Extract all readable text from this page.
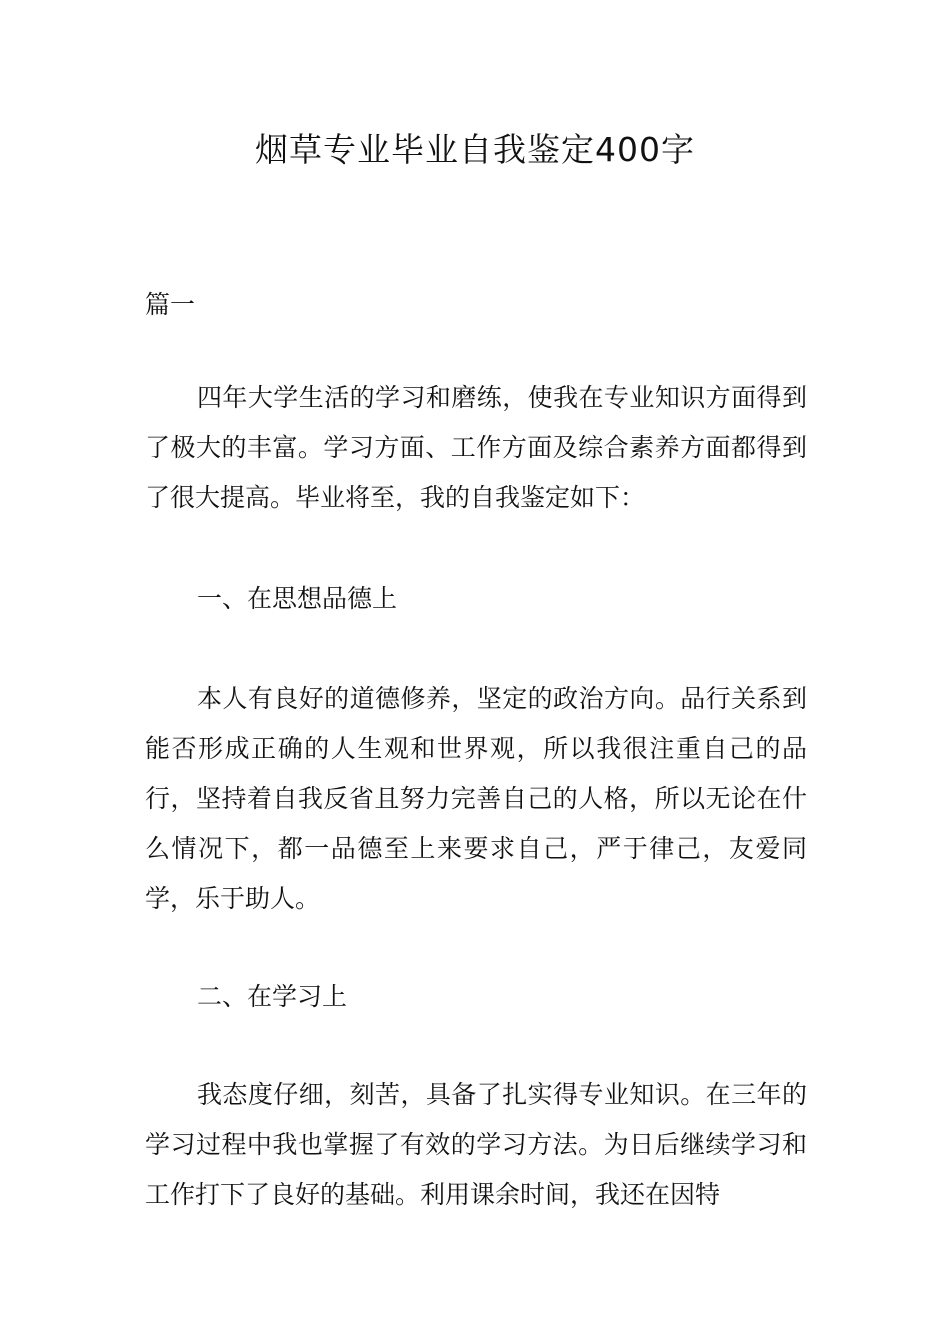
烟草专业毕业自我鉴定400字

篇一

四年大学生活的学习和磨练，使我在专业知识方面得到了极大的丰富。学习方面、工作方面及综合素养方面都得到了很大提高。毕业将至，我的自我鉴定如下：

一、在思想品德上

本人有良好的道德修养，坚定的政治方向。品行关系到能否形成正确的人生观和世界观，所以我很注重自己的品行，坚持着自我反省且努力完善自己的人格，所以无论在什么情况下，都一品德至上来要求自己，严于律己，友爱同学，乐于助人。

二、在学习上

我态度仔细，刻苦，具备了扎实得专业知识。在三年的学习过程中我也掌握了有效的学习方法。为日后继续学习和工作打下了良好的基础。利用课余时间，我还在因特
